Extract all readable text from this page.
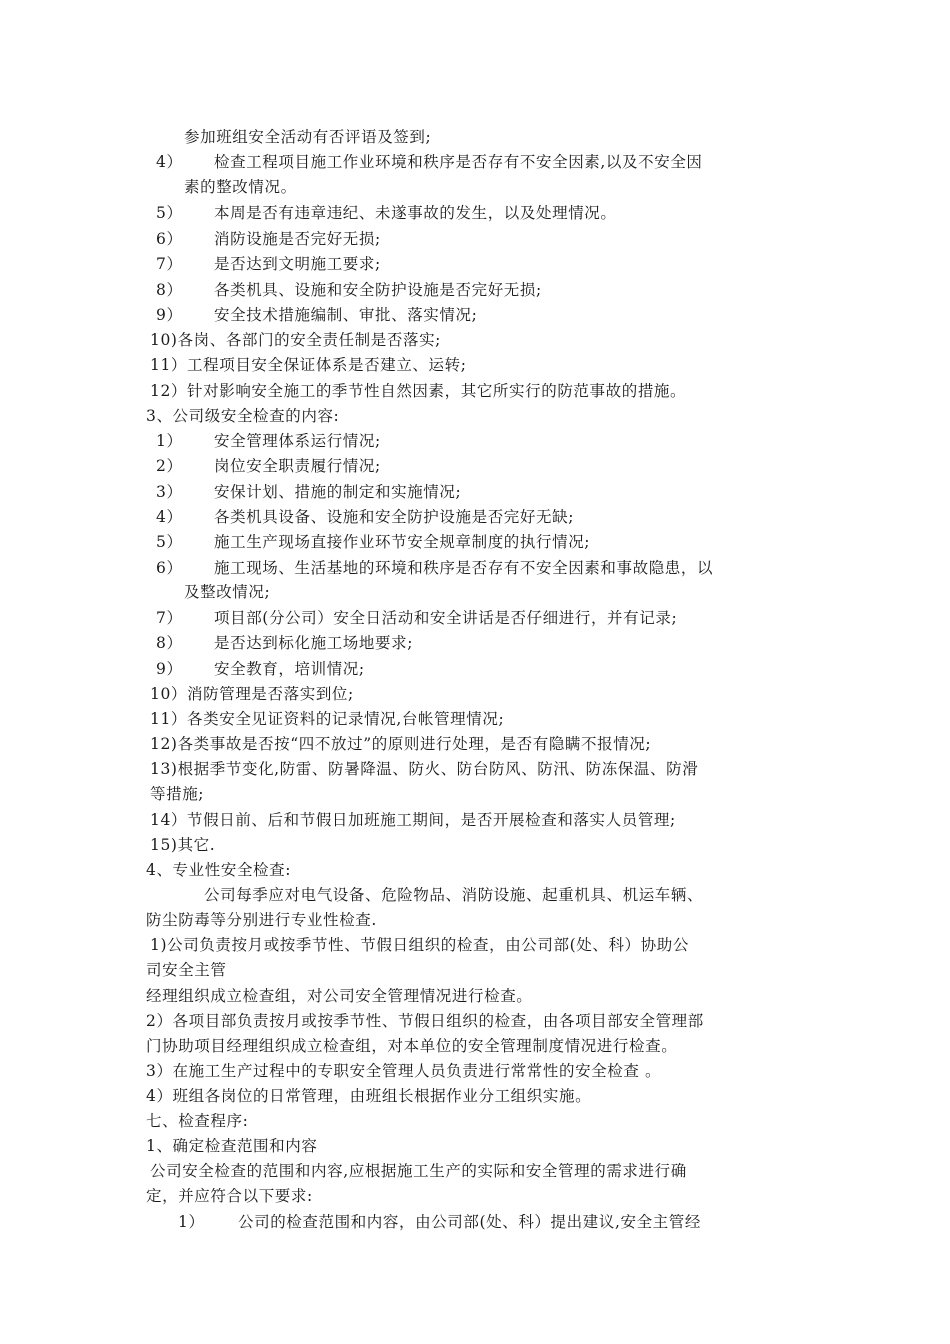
参加班组安全活动有否评语及签到;
4） 检查工程项目施工作业环境和秩序是否存有不安全因素,以及不安全因
素的整改情况。
5） 本周是否有违章违纪、未遂事故的发生，以及处理情况。
6） 消防设施是否完好无损;
7） 是否达到文明施工要求;
8） 各类机具、设施和安全防护设施是否完好无损;
9） 安全技术措施编制、审批、落实情况;
10)各岗、各部门的安全责任制是否落实;
11）工程项目安全保证体系是否建立、运转;
12）针对影响安全施工的季节性自然因素，其它所实行的防范事故的措施。
3、公司级安全检查的内容:
1） 安全管理体系运行情况;
2） 岗位安全职责履行情况;
3） 安保计划、措施的制定和实施情况;
4） 各类机具设备、设施和安全防护设施是否完好无缺;
5） 施工生产现场直接作业环节安全规章制度的执行情况;
6） 施工现场、生活基地的环境和秩序是否存有不安全因素和事故隐患，以
及整改情况;
7） 项目部(分公司）安全日活动和安全讲话是否仔细进行，并有记录;
8） 是否达到标化施工场地要求;
9） 安全教育，培训情况;
10）消防管理是否落实到位;
11）各类安全见证资料的记录情况,台帐管理情况;
12)各类事故是否按“四不放过”的原则进行处理，是否有隐瞒不报情况;
13)根据季节变化,防雷、防暑降温、防火、防台防风、防汛、防冻保温、防滑
等措施;
14）节假日前、后和节假日加班施工期间，是否开展检查和落实人员管理;
15)其它.
4、专业性安全检查:
公司每季应对电气设备、危险物品、消防设施、起重机具、机运车辆、
防尘防毒等分别进行专业性检查.
1)公司负责按月或按季节性、节假日组织的检查，由公司部(处、科）协助公
司安全主管
经理组织成立检查组，对公司安全管理情况进行检查。
2）各项目部负责按月或按季节性、节假日组织的检查，由各项目部安全管理部
门协助项目经理组织成立检查组，对本单位的安全管理制度情况进行检查。
3）在施工生产过程中的专职安全管理人员负责进行常常性的安全检查 。
4）班组各岗位的日常管理，由班组长根据作业分工组织实施。
七、检查程序:
1、确定检查范围和内容
公司安全检查的范围和内容,应根据施工生产的实际和安全管理的需求进行确
定，并应符合以下要求:
1） 公司的检查范围和内容，由公司部(处、科）提出建议,安全主管经
